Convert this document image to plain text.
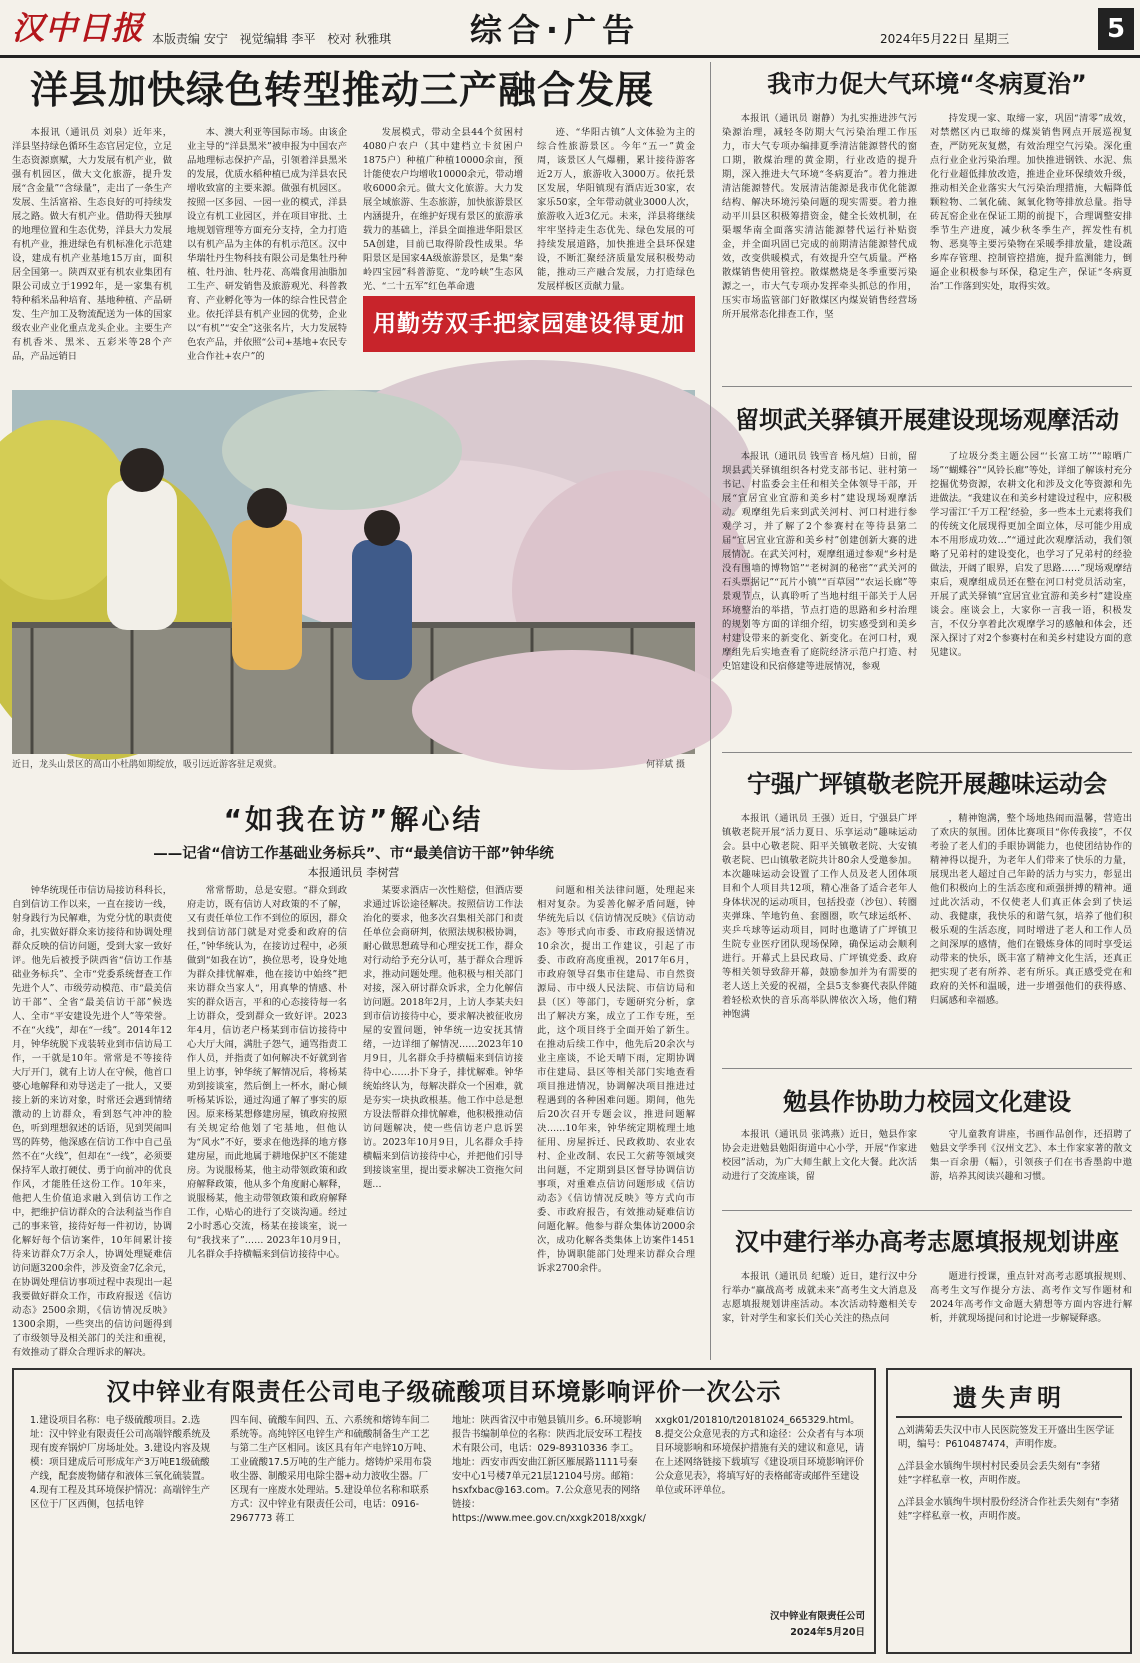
汉中日报 本版责编 安宁 视觉编辑 李平 校对 秋雅琪	综合·广告	2024年5月22日 星期三	5
洋县加快绿色转型推动三产融合发展

本报讯（通讯员 刘泉）近年来，洋县坚持绿色循环生态官居定位，立足生态资源禀赋，大力发展有机产业，做强有机园区，做大文化旅游，提升发展“含金量”“含绿量”，走出了一条生产发展、生活富裕、生态良好的可持续发展之路。做大有机产业。借助得天独厚的地理位置和生态优势，洋县大力发展有机产业，推进绿色有机标准化示范建设，建成有机产业基地15万亩，面积居全国第一。陕西双亚有机农业集团有限公司成立于1992年，是一家集有机特种稻米品种培育、基地种植、产品研发、生产加工及物流配送为一体的国家级农业产业化重点龙头企业。主要生产有机香米、黑米、五彩米等28个产品，产品远销日

本、澳大利亚等国际市场。由该企业主导的“洋县黑米”被申报为中国农产品地理标志保护产品，引领着洋县黑米的发展，优质水稻种植已成为洋县农民增收致富的主要来源。做强有机园区。按照一区多园、一园一业的模式，洋县设立有机工业园区，并在项目审批、土地规划管理等方面充分支持，全力打造以有机产品为主体的有机示范区。汉中华瑞牡丹生物科技有限公司是集牡丹种植、牡丹油、牡丹花、高端食用油脂加工生产、研发销售及旅游观光、科普教育、产业孵化等为一体的综合性民营企业。依托洋县有机产业园的优势，企业以“有机”“安全”这张名片，大力发展特色农产品，并依照“公司+基地+农民专业合作社+农户”的

发展模式，带动全县44个贫困村4080户农户（其中建档立卡贫困户1875户）种植广种植10000余亩，预计能使农户均增收10000余元，带动增收6000余元。做大文化旅游。大力发展全域旅游、生态旅游，加快旅游景区内涵提升，在维护好现有景区的旅游承载力的基础上，洋县全面推进华阳景区5A创建，目前已取得阶段性成果。华阳景区是国家4A级旅游景区，是集“秦岭四宝园”科普游览、“龙吟峡”生态风光、“二十五军”红色革命遗

迹、“华阳古镇”人文体验为主的综合性旅游景区。今年“五一”黄金周，该景区人气爆棚，累计接待游客近2万人，旅游收入3000万。依托景区发展，华阳镇现有酒店近30家，农家乐50家，全年带动就业3000人次，旅游收入近3亿元。未来，洋县将继续牢牢坚持走生态优先、绿色发展的可持续发展道路，加快推进全县环保建设，不断汇聚经济质量发展积极势动能，推动三产融合发展，力打造绿色发展样板区贡献力量。

用勤劳双手把家园建设得更加
近日，龙头山景区的高山小杜鹃如期绽放，吸引远近游客驻足观赏。	何祥斌 摄
“如我在访”解心结
——记省“信访工作基础业务标兵”、市“最美信访干部”钟华统
本报通讯员 李树营

钟华统现任市信访局接访科科长，自到信访工作以来，一直在接访一线，射身践行为民解难，为党分忧的职责使命，扎实做好群众来访接待和协调处理群众反映的信访问题，受到大家一致好评。他先后被授予陕西省“信访工作基础业务标兵”、全市“党委系统督查工作先进个人”、市级劳动模范、市“最美信访干部”、全省“最美信访干部”候选人、全市“平安建设先进个人”等荣誉。不在“火线”，却在“一线”。2014年12月，钟华统脱下戎装转业到市信访局工作，一干就是10年。常常是不等接待大厅开门，就有上访人在守候，他首口婆心地解释和劝导送走了一批人，又要接上新的来访对象，时常还会遇到情绪激动的上访群众，看到怒气冲冲的脸色，听到理想叙述的话语，见到哭闹叫骂的阵势，他深感在信访工作中自己虽然不在“火线”，但却在“一线”，必须要保持军人敢打硬仗、勇于向前冲的优良作风，才能胜任这份工作。10年来，他把人生价值追求融入到信访工作之中，把维护信访群众的合法利益当作自己的事来管，接待好每一件初访，协调化解好每个信访案件，10年间累计接待来访群众7万余人，协调处理疑难信访问题3200余件，涉及资金7亿余元，在协调处理信访事项过程中表现出一起我要做好群众工作，市政府报送《信访动态》2500余期，《信访情况反映》1300余期，一些突出的信访问题得到了市级领导及相关部门的关注和重视，有效推动了群众合理诉求的解决。

常常帮助，总是安慰。“群众到政府走访，既有信访人对政策的不了解，又有责任单位工作不到位的原因，群众找到信访部门就是对党委和政府的信任，”钟华统认为，在接访过程中，必须做到“如我在访”，换位思考，设身处地为群众排忧解难，他在接访中始终”把来访群众当家人“，用真挚的情感、朴实的群众语言，平和的心态接待每一名上访群众，受到群众一致好评。2023年4月，信访老户杨某到市信访接待中心大厅大闹，满肚子怨气，通骂指责工作人员，并指责了如何解决不好就到省里上访事，钟华统了解情况后，将杨某劝到接谈室，然后倒上一杯水，耐心倾听杨某诉讼，通过沟通了解了事实的原因。原来杨某想修建房屋，镇政府按照有关规定给他划了宅基地，但他认为“风水”不好，要求在他选择的地方修建房屋，而此地属于耕地保护区不能建房。为说服杨某，他主动带领政策和政府解释政策，他从多个角度耐心解释，说服杨某，他主动带领政策和政府解释工作，心贴心的进行了交谈沟通。经过2小时悉心交流，杨某在接谈室，说一句“我找来了”…… 2023年10月9日，儿名群众手持横幅来到信访接待中心。

某要求酒店一次性赔偿，但酒店要求通过诉讼途径解决。按照信访工作法治化的要求，他多次召集相关部门和责任单位会商研判，依照法规积极协调，耐心做思想疏导和心理安抚工作，群众对行动给予充分认可，基于群众合理诉求，推动问题处理。他积极与相关部门对接，深入研讨群众诉求，全力化解信访问题。2018年2月，上访人李某夫妇到市信访接待中心，要求解决被征收房屋的安置问题，钟华统一边安抚其情绪，一边详细了解情况……2023年10月9日，儿名群众手持横幅来到信访接待中心……扑下身子，排忧解难。钟华统始终认为，每解决群众一个困难，就是夯实一块执政根基。他工作中总是想方设法帮群众排忧解难，他积极推动信访问题解决，使一些信访老户息诉罢访。2023年10月9日，儿名群众手持横幅来到信访接待中心，并把他们引导到接谈室里，提出要求解决工资拖欠问题…

问题和相关法律问题，处理起来相对复杂。为妥善化解矛盾问题，钟华统先后以《信访情况反映》《信访动态》等形式向市委、市政府报送情况10余次，提出工作建议，引起了市委、市政府高度重视，2017年6月，市政府领导召集市住建局、市自然资源局、市中级人民法院、市信访局和县（区）等部门，专题研究分析，拿出了解决方案，成立了工作专班，至此，这个项目终于全面开始了新生。在推动后续工作中，他先后20余次与业主座谈，不论天晴下雨，定期协调市住建局、县区等相关部门实地查看项目推进情况，协调解决项目推进过程遇到的各种困难问题。期间，他先后20次召开专题会议，推进问题解决……10年来，钟华统定期梳理土地征用、房屋拆迁、民政救助、农业农村、企业改制、农民工欠薪等领域突出问题，不定期到县区督导协调信访事项，对重难点信访问题形成《信访动态》《信访情况反映》等方式向市委、市政府报告，有效推动疑难信访问题化解。他参与群众集体访2000余次，成功化解各类集体上访案件1451件，协调职能部门处理来访群众合理诉求2700余件。

我市力促大气环境“冬病夏治”

本报讯（通讯员 谢静）为扎实推进涉气污染源治理，减轻冬防期大气污染治理工作压力，市大气专项办编排夏季清洁能源替代的窗口期，散煤治理的黄金期，行业改造的提升期，深入推进大气环境“冬病夏治”。着力推进清洁能源替代。发展清洁能源是我市优化能源结构、解决环境污染问题的现实需要。着力推动平川县区积极筹措资金，健全长效机制，在渠堰华南全面落实清洁能源替代运行补贴资金，并全面巩固已完成的前期清洁能源替代成效，改变供暖模式，有效提升空气质量。严格散煤销售使用管控。散煤燃烧是冬季重要污染源之一，市大气专项办发挥牵头抓总的作用，压实市场监管部门好散煤区内煤炭销售经营场所开展常态化排查工作，坚

持发现一家、取缔一家，巩固“清零”成效，对禁燃区内已取缔的煤炭销售网点开展巡视复查，严防死灰复燃，有效治理空气污染。深化重点行业企业污染治理。加快推进钢铁、水泥、焦化行业超低排放改造，推进企业环保绩效升级，推动相关企业落实大气污染治理措施，大幅降低颗粒物、二氧化硫、氮氧化物等排放总量。指导砖瓦窑企业在保证工期的前提下，合理调整安排季节生产进度，减少秋冬季生产，挥发性有机物、恶臭等主要污染物在采暖季排放量，建设蔬乡库存管理、控制管控措施，提升监测能力，倒逼企业积极参与环保，稳定生产，保证“冬病夏治”工作落到实处，取得实效。

留坝武关驿镇开展建设现场观摩活动

本报讯（通讯员 钱雪音 杨凡煊）日前，留坝县武关驿镇组织各村党支部书记、驻村第一书记、村监委会主任和相关全体领导干部，开展“宜居宜业宜游和美乡村”建设现场观摩活动。观摩组先后来到武关河村、河口村进行参观学习，并了解了2个参赛村在等待县第二届“宜居宜业宜游和美乡村”创建创新大赛的进展情况。在武关河村，观摩组通过参观“乡村是没有围墙的博物馆”“老树洞的秘密”“武关河的石头票据记”“瓦片小镇”“百草园”“农运长廊”等景观节点，认真聆听了当地村组干部关于人居环境整治的举措，节点打造的思路和乡村治理的规划等方面的详细介绍，切实感受到和美乡村建设带来的新变化、新变化。在河口村，观摩组先后实地查看了庭院经济示范户打造、村史馆建设和民宿修建等进展情况，参观

了垃圾分类主题公园“‘长富工坊’”“晾晒广场”“蝴蝶谷”“风铃长廊”等处，详细了解该村充分挖掘优势资源，农耕文化和涉及文化等资源和先进做法。“我建议在和美乡村建设过程中，应积极学习雷江‘千万工程’经验，多一些本土元素将我们的传统文化展现得更加全面立体，尽可能少用成本不用形成功效…”“通过此次观摩活动，我们领略了兄弟村的建设变化，也学习了兄弟村的经验做法，开阔了眼界，启发了思路……”现场观摩结束后，观摩组成员还在整在河口村党员活动室，开展了武关驿镇“宜居宜业宜游和美乡村”建设座谈会。座谈会上，大家你一言我一语，积极发言，不仅分享着此次观摩学习的感触和体会，还深入探讨了对2个参赛村在和美乡村建设方面的意见建议。

宁强广坪镇敬老院开展趣味运动会

本报讯（通讯员 王强）近日，宁强县广坪镇敬老院开展“活力夏日、乐享运动”趣味运动会。县中心敬老院、阳平关镇敬老院、大安镇敬老院、巴山镇敬老院共计80余人受邀参加。本次趣味运动会设置了工作人员及老人团体项目和个人项目共12项，精心准备了适合老年人身体状况的运动项目，包括投壶（沙包）、转圈夹弹珠、竿地钓鱼、套圈圈，吹气球运纸杯、夹乒乓球等运动项目，同时也邀请了广坪镇卫生院专业医疗团队现场保障，确保运动会顺利进行。开幕式上县民政局、广坪镇党委、政府等相关领导致辞开幕，鼓励参加并为有需要的老人送上关爱的祝福，全县5支参赛代表队伴随着轻松欢快的音乐高举队牌依次入场，他们精神饱满

，精神饱满，整个场地热闹而温馨，营造出了欢庆的氛围。团体比赛项目“你传我接”，不仅考验了老人们的手眼协调能力，也使团结协作的精神得以提升，为老年人们带来了快乐的力量，展现出老人超过自己年龄的活力与实力，彰显出他们积极向上的生活态度和顽强拼搏的精神。通过此次活动，不仅使老人们真正体会到了快运动、我健康，我快乐的和谐气氛，培养了他们积极乐观的生活态度，同时增进了老人和工作人员之间深厚的感情，他们在锻炼身体的同时享受运动带来的快乐，既丰富了精神文化生活，还真正把实现了老有所养、老有所乐。真正感受党在和政府的关怀和温暖，进一步增强他们的获得感、归属感和幸福感。

勉县作协助力校园文化建设

本报讯（通讯员 张鸿燕）近日，勉县作家协会走进勉县勉阳街道中心小学，开展“作家进校园”活动，为广大师生献上文化大餐。此次活动进行了交流座谈，留

守儿童教育讲座，书画作品创作，还招聘了勉县文学季刊《汉州文艺》、本土作家家著的散文集一百余册（幅），引领孩子们在书香墨韵中遨游，培养其阅读兴趣和习惯。

汉中建行举办高考志愿填报规划讲座

本报讯（通讯员 纪璇）近日，建行汉中分行举办“赢战高考 成就未来”高考生文大消息及志愿填报规划讲座活动。本次活动特邀相关专家，针对学生和家长们关心关注的热点问

题进行授课，重点针对高考志愿填报规则、高考生文写作提分方法、高考作文写作题材和2024年高考作文命题大猜想等方面内容进行解析，并就现场提问和讨论进一步解疑释惑。

汉中锌业有限责任公司电子级硫酸项目环境影响评价一次公示
1.建设项目名称：电子级硫酸项目。2.选址：汉中锌业有限责任公司高端锌酸系统及现有废弃锅炉厂房场址处。3.建设内容及规模：项目建成后可形成年产3万吨E1级硫酸产线，配套废物储存和液体三氧化硫装置。4.现有工程及其环境保护情况：高端锌生产区位于厂区西侧，包括电锌
四车间、硫酸车间四、五、六系统和熔铸车间二系统等。高纯锌区电锌生产和硫酸制备生产工艺与第二生产区相同。该区具有年产电锌10万吨、工业硫酸17.5万吨的生产能力。熔铸炉采用布袋收尘器、制酸采用电除尘器+动力波收尘器。厂区现有一座废水处理站。5.建设单位名称和联系方式：汉中锌业有限责任公司，电话：0916-2967773 蒋工
地址：陕西省汉中市勉县镇川乡。6.环境影响报告书编制单位的名称：陕西北辰安环工程技术有限公司，电话：029-89310336 李工。地址：西安市西安曲江新区雁展路1111号秦安中心1号楼7单元21层12104号房。邮箱：hsxfxbac@163.com。7.公众意见表的网络链接：https://www.mee.gov.cn/xxgk2018/xxgk/
xxgk01/201810/t20181024_665329.html。8.提交公众意见表的方式和途径：公众者有与本项目环境影响和环境保护措施有关的建议和意见，请在上述网络链接下载填写《建设项目环境影响评价公众意见表》，将填写好的表格邮寄或邮件至建设单位或环评单位。
汉中锌业有限责任公司
2024年5月20日
遗失声明
△刘满菊丢失汉中市人民医院签发王开盛出生医学证明，编号：P610487474，声明作废。
△洋县金水镇绚牛坝村村民委员会丢失刻有“李猪娃”字样私章一枚，声明作废。
△洋县金水镇绚牛坝村股份经济合作社丢失刻有“李猪娃”字样私章一枚，声明作废。
